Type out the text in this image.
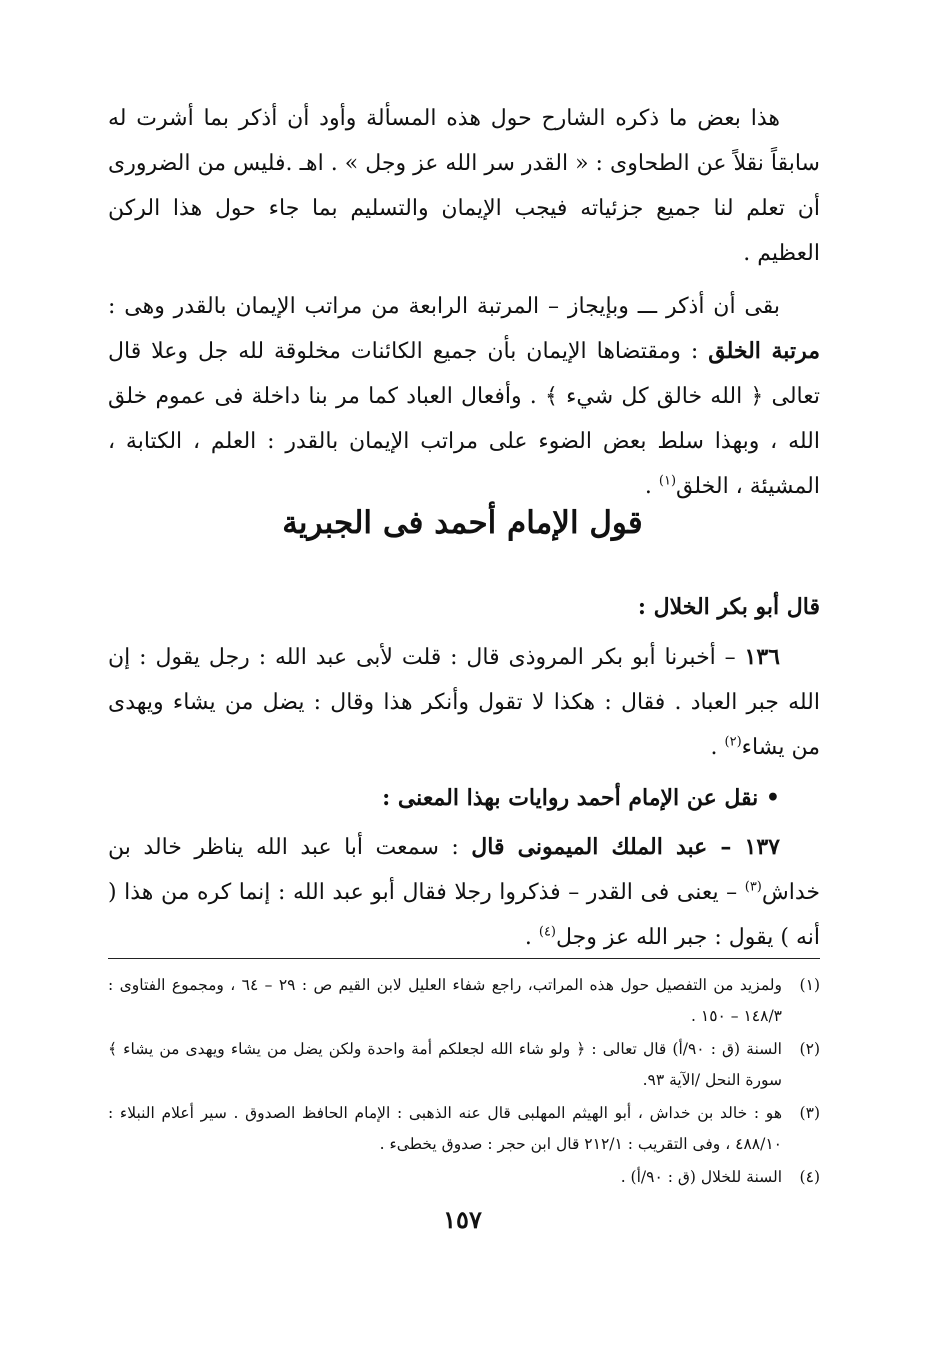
هذا بعض ما ذكره الشارح حول هذه المسألة وأود أن أذكر بما أشرت له سابقاً نقلاً عن الطحاوى : « القدر سر الله عز وجل » . اهـ .فليس من الضرورى أن تعلم لنا جميع جزئياته فيجب الإيمان والتسليم بما جاء حول هذا الركن العظيم .

بقى أن أذكر ـــ وبإيجاز – المرتبة الرابعة من مراتب الإيمان بالقدر وهى : مرتبة الخلق : ومقتضاها الإيمان بأن جميع الكائنات مخلوقة لله جل وعلا قال تعالى ﴿ الله خالق كل شيء ﴾ . وأفعال العباد كما مر بنا داخلة فى عموم خلق الله ، وبهذا سلط بعض الضوء على مراتب الإيمان بالقدر : العلم ، الكتابة ، المشيئة ، الخلق$^{(١)}$ .

قول الإمام أحمد فى الجبرية

قال أبو بكر الخلال :

١٣٦ – أخبرنا أبو بكر المروذى قال : قلت لأبى عبد الله : رجل يقول : إن الله جبر العباد . فقال : هكذا لا تقول وأنكر هذا وقال : يضل من يشاء ويهدى من يشاء$^{(٢)}$ .

• نقل عن الإمام أحمد روايات بهذا المعنى :

١٣٧ – عبد الملك الميمونى قال : سمعت أبا عبد الله يناظر خالد بن خداش$^{(٣)}$ – يعنى فى القدر – فذكروا رجلا فقال أبو عبد الله : إنما كره من هذا ( أنه ) يقول : جبر الله عز وجل$^{(٤)}$ .

(١)
ولمزيد من التفصيل حول هذه المراتب، راجع شفاء العليل لابن القيم ص : ٢٩ – ٦٤ ، ومجموع الفتاوى : ١٤٨/٣ – ١٥٠ .
(٢)
السنة (ق : ٩٠/أ) قال تعالى : ﴿ ولو شاء الله لجعلكم أمة واحدة ولكن يضل من يشاء ويهدى من يشاء ﴾ سورة النحل /الآية ٩٣.
(٣)
هو : خالد بن خداش ، أبو الهيثم المهلبى قال عنه الذهبى : الإمام الحافظ الصدوق . سير أعلام النبلاء : ٤٨٨/١٠ ، وفى التقريب : ٢١٢/١ قال ابن حجر : صدوق يخطىء .
(٤)
السنة للخلال (ق : ٩٠/أ) .
١٥٧
